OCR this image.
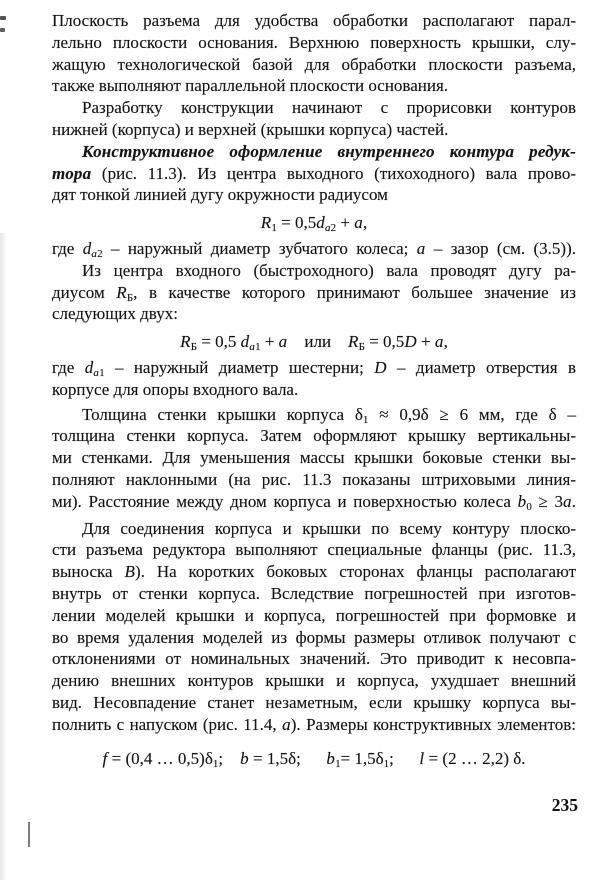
Плоскость разъема для удобства обработки располагают парал-
лельно плоскости основания. Верхнюю поверхность крышки, слу-
жащую технологической базой для обработки плоскости разъема,
также выполняют параллельной плоскости основания.
Разработку конструкции начинают с прорисовки контуров
нижней (корпуса) и верхней (крышки корпуса) частей.
Конструктивное оформление внутреннего контура редук-
тора (рис. 11.3). Из центра выходного (тихоходного) вала прово-
дят тонкой линией дугу окружности радиусом
$R_1 = 0,5d_{a2} + a$,
где $d_{a2}$ – наружный диаметр зубчатого колеса; a – зазор (см. (3.5)).
Из центра входного (быстроходного) вала проводят дугу ра-
диусом $R_Б$, в качестве которого принимают большее значение из
следующих двух:
$R_Б = 0,5$ $d_{a1} + a$ или $R_Б = 0,5D + a$,
где $d_{a1}$ – наружный диаметр шестерни; D – диаметр отверстия в
корпусе для опоры входного вала.
Толщина стенки крышки корпуса $\delta_1 \approx 0,9\delta \ge 6$ мм, где δ –
толщина стенки корпуса. Затем оформляют крышку вертикальны-
ми стенками. Для уменьшения массы крышки боковые стенки вы-
полняют наклонными (на рис. 11.3 показаны штриховыми линия-
ми). Расстояние между дном корпуса и поверхностью колеса $b_0 \ge 3a$.
Для соединения корпуса и крышки по всему контуру плоско-
сти разъема редуктора выполняют специальные фланцы (рис. 11.3,
выноска В). На коротких боковых сторонах фланцы располагают
внутрь от стенки корпуса. Вследствие погрешностей при изготов-
лении моделей крышки и корпуса, погрешностей при формовке и
во время удаления моделей из формы размеры отливок получают с
отклонениями от номинальных значений. Это приводит к несовпа-
дению внешних контуров крышки и корпуса, ухудшает внешний
вид. Несовпадение станет незаметным, если крышку корпуса вы-
полнить с напуском (рис. 11.4, а). Размеры конструктивных элементов:
f = (0,4 … $0,5)\delta_1$; b = 1,5δ;  $b_1= 1,5\delta_1$;  l = (2 … 2,2) δ.
235
